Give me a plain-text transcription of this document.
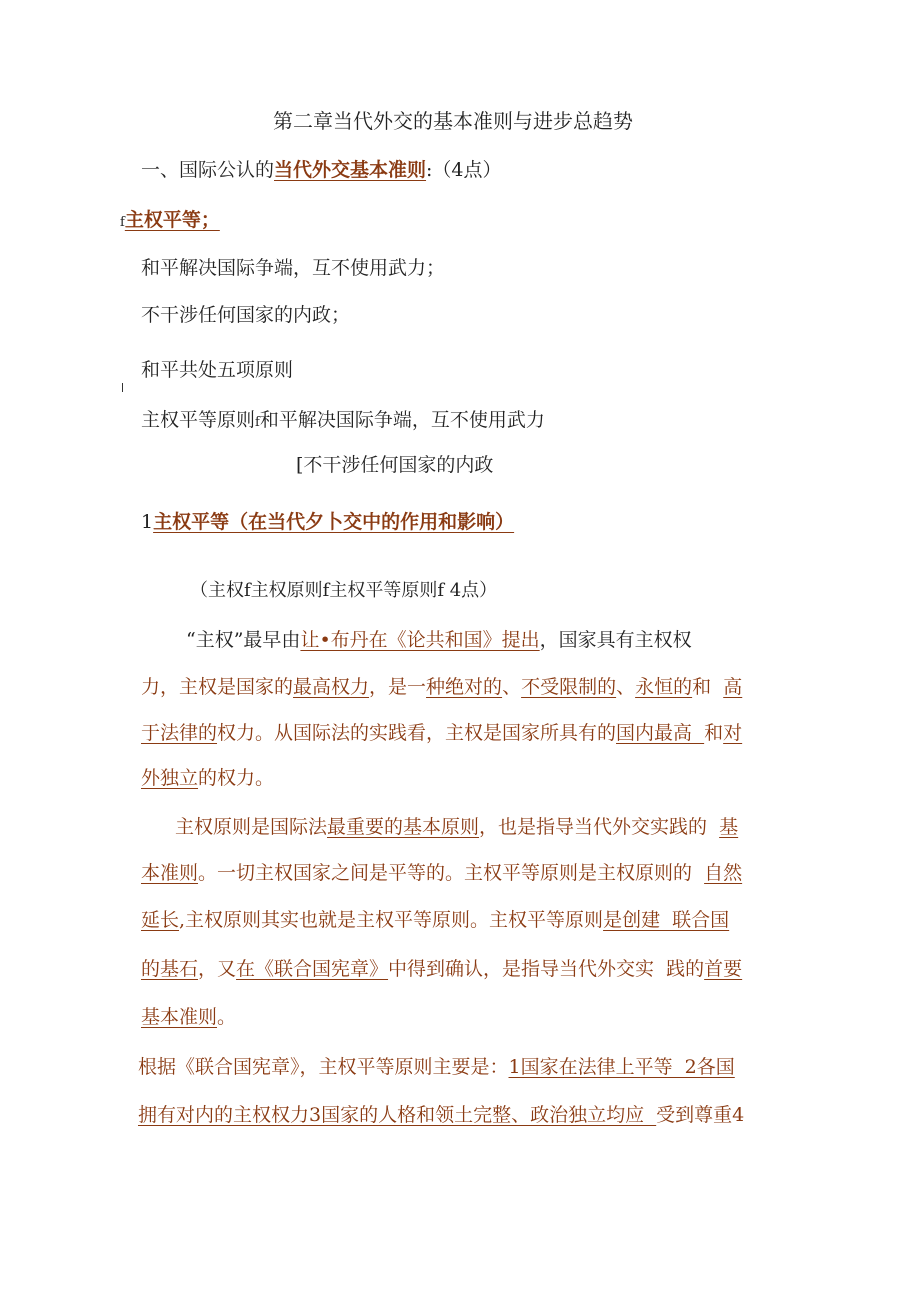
第二章当代外交的基本准则与进步总趋势
一、国际公认的当代外交基本准则:（4点）
f主权平等；
和平解决国际争端，互不使用武力；
不干涉任何国家的内政；
和平共处五项原则
主权平等原则f和平解决国际争端，互不使用武力
[不干涉任何国家的内政
1主权平等（在当代夕卜交中的作用和影响）
（主权f主权原则f主权平等原则f 4点）
“主权”最早由让•布丹在《论共和国》提出，国家具有主权权
力，主权是国家的最高权力，是一种绝对的、不受限制的、永恒的和  高
于法律的权力。从国际法的实践看，主权是国家所具有的国内最高  和对
外独立的权力。
主权原则是国际法最重要的基本原则，也是指导当代外交实践的  基
本准则。一切主权国家之间是平等的。主权平等原则是主权原则的  自然
延长,主权原则其实也就是主权平等原则。主权平等原则是创建  联合国
的基石，又在《联合国宪章》中得到确认，是指导当代外交实  践的首要
基本准则。
根据《联合国宪章》，主权平等原则主要是：1国家在法律上平等  2各国
拥有对内的主权权力3国家的人格和领土完整、政治独立均应  受到尊重4
